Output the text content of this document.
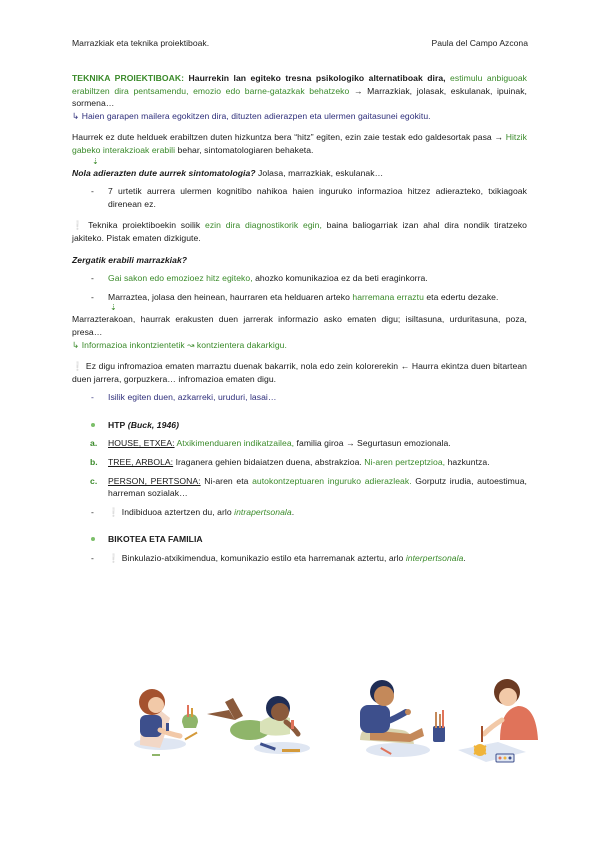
Marrazkiak eta teknika proiektiboak.	Paula del Campo Azcona

TEKNIKA PROIEKTIBOAK: Haurrekin lan egiteko tresna psikologiko alternatiboak dira, estimulu anbiguoak erabiltzen dira pentsamendu, emozio edo barne-gatazkak behatzeko → Marrazkiak, jolasak, eskulanak, ipuinak, sormena…

↳ Haien garapen mailera egokitzen dira, dituzten adierazpen eta ulermen gaitasunei egokitu.

Haurrek ez dute helduek erabiltzen duten hizkuntza bera “hitz” egiten, ezin zaie testak edo galdesortak pasa → Hitzik gabeko interakzioak erabili behar, sintomatologiaren behaketa.

⇣

Nola adierazten dute aurrek sintomatologia? Jolasa, marrazkiak, eskulanak…

- 7 urtetik aurrera ulermen kognitibo nahikoa haien inguruko informazioa hitzez adierazteko, txikiagoak direnean ez.

❕ Teknika proiektiboekin soilik ezin dira diagnostikorik egin, baina baliogarriak izan ahal dira nondik tiratzeko jakiteko. Pistak ematen dizkigute.

Zergatik erabili marrazkiak?

- Gai sakon edo emozioez hitz egiteko, ahozko komunikazioa ez da beti eraginkorra.
- Marraztea, jolasa den heinean, haurraren eta helduaren arteko harremana erraztu eta edertu dezake.
⇣

Marrazterakoan, haurrak erakusten duen jarrerak informazio asko ematen digu; isiltasuna, urduritasuna, poza, presa…

↳ Informazioa inkontzientetik ↝ kontzientera dakarkigu.

❕ Ez digu infromazioa ematen marraztu duenak bakarrik, nola edo zein kolorerekin ← Haurra ekintza duen bitartean duen jarrera, gorpuzkera… infromazioa ematen digu.

- Isilik egiten duen, azkarreki, uruduri, lasai…
HTP (Buck, 1946)
a. HOUSE, ETXEA: Atxikimenduaren indikatzailea, familia giroa → Segurtasun emozionala.
b. TREE, ARBOLA: Iraganera gehien bidaiatzen duena, abstrakzioa. Ni-aren pertzeptzioa, hazkuntza.
c. PERSON, PERTSONA: Ni-aren eta autokontzeptuaren inguruko adierazleak. Gorputz irudia, autoestimua, harreman sozialak…
- ❕ Indibiduoa aztertzen du, arlo intrapertsonala.
BIKOTEA ETA FAMILIA
- ❕ Binkulazio-atxikimendua, komunikazio estilo eta harremanak aztertu, arlo interpertsonala.
